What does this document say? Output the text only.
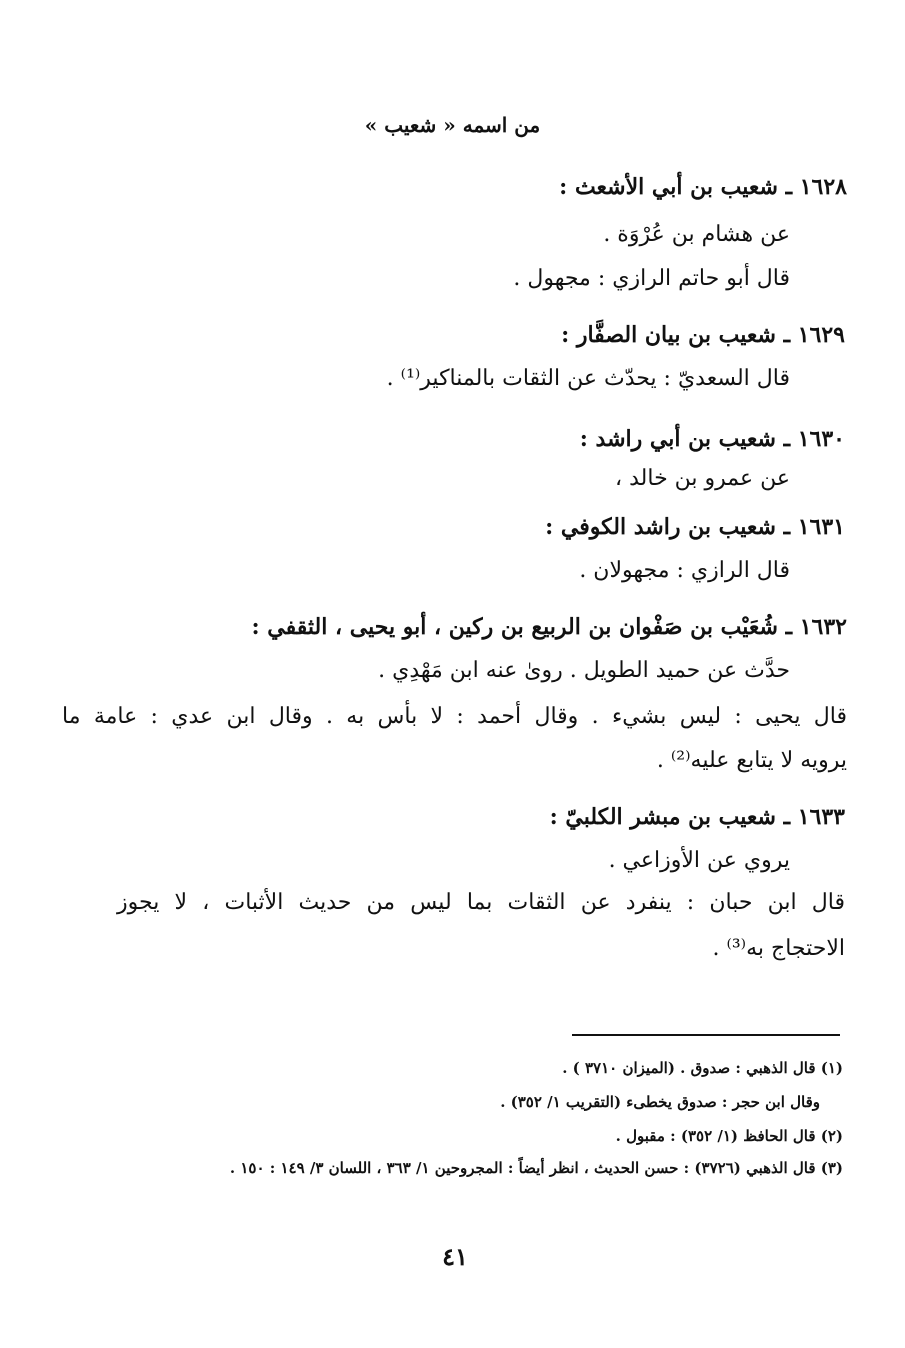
من اسمه « شعيب »
١٦٢٨ ـ شعيب بن أبي الأشعث :
عن هشام بن عُرْوَة .
قال أبو حاتم الرازي : مجهول .
١٦٢٩ ـ شعيب بن بيان الصفَّار :
قال السعديّ : يحدّث عن الثقات بالمناكير⁽¹⁾ .
١٦٣٠ ـ شعيب بن أبي راشد :
عن عمرو بن خالد ،
١٦٣١ ـ شعيب بن راشد الكوفي :
قال الرازي : مجهولان .
١٦٣٢ ـ شُعَيْب بن صَفْوان بن الربيع بن ركين ، أبو يحيى ، الثقفي :
حدَّث عن حميد الطويل . روىٰ عنه ابن مَهْدِي .
قال يحيى : ليس بشيء . وقال أحمد : لا بأس به . وقال ابن عدي : عامة ما
يرويه لا يتابع عليه⁽²⁾ .
١٦٣٣ ـ شعيب بن مبشر الكلبيّ :
يروي عن الأوزاعي .
قال ابن حبان : ينفرد عن الثقات بما ليس من حديث الأثبات ، لا يجوز
الاحتجاج به⁽³⁾ .
(١) قال الذهبي : صدوق . (الميزان ٣٧١٠ ) .
وقال ابن حجر : صدوق يخطىء (التقريب ١/ ٣٥٢) .
(٢) قال الحافظ (١/ ٣٥٢) : مقبول .
(٣) قال الذهبي (٣٧٢٦) : حسن الحديث ، انظر أيضاً : المجروحين ١/ ٣٦٣ ، اللسان ٣/ ١٤٩ : ١٥٠ .
٤١
